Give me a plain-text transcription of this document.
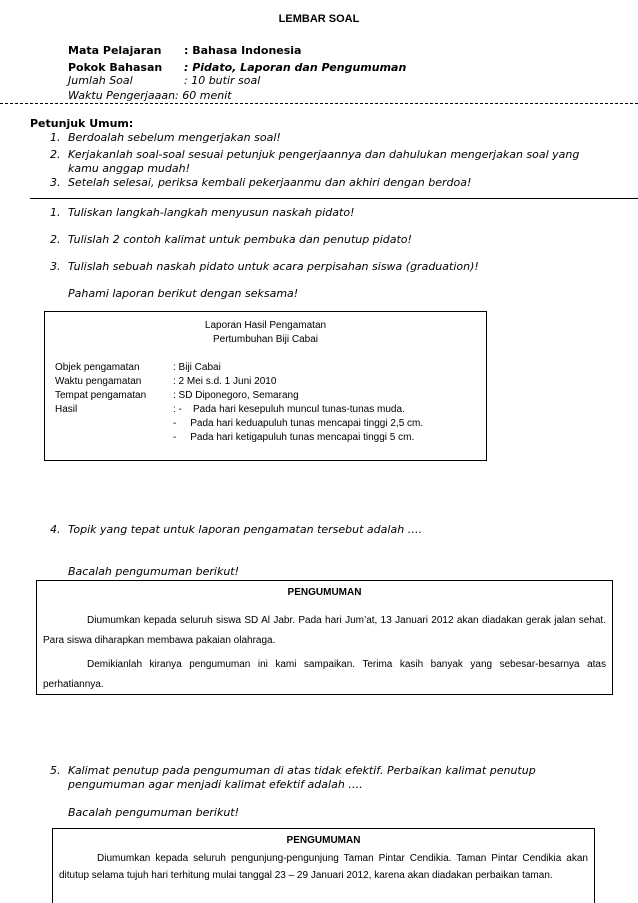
LEMBAR SOAL
Mata Pelajaran : Bahasa Indonesia
Pokok Bahasan : Pidato, Laporan dan Pengumuman
Jumlah Soal	: 10 butir soal
Waktu Pengerjaaan: 60 menit
Petunjuk Umum:
1. Berdoalah sebelum mengerjakan soal!
2. Kerjakanlah soal-soal sesuai petunjuk pengerjaannya dan dahulukan mengerjakan soal yang
kamu anggap mudah!
3. Setelah selesai, periksa kembali pekerjaanmu dan akhiri dengan berdoa!
1. Tuliskan langkah-langkah menyusun naskah pidato!
2. Tulislah 2 contoh kalimat untuk pembuka dan penutup pidato!
3. Tulislah sebuah naskah pidato untuk acara perpisahan siswa (graduation)!
Pahami laporan berikut dengan seksama!
Laporan Hasil Pengamatan
Pertumbuhan Biji Cabai
Objek pengamatan	: Biji Cabai
Waktu pengamatan	: 2 Mei s.d. 1 Juni 2010
Tempat pengamatan	: SD Diponegoro, Semarang
Hasil	: -    Pada hari kesepuluh muncul tunas-tunas muda.
-     Pada hari keduapuluh tunas mencapai tinggi 2,5 cm.
-     Pada hari ketigapuluh tunas mencapai tinggi 5 cm.
4. Topik yang tepat untuk laporan pengamatan tersebut adalah ….
Bacalah pengumuman berikut!
PENGUMUMAN
Diumumkan kepada seluruh siswa SD Al Jabr. Pada hari Jum’at, 13 Januari 2012 akan diadakan gerak jalan sehat. Para siswa diharapkan membawa pakaian olahraga.
Demikianlah kiranya pengumuman ini kami sampaikan. Terima kasih banyak yang sebesar-besarnya atas perhatiannya.
5. Kalimat penutup pada pengumuman di atas tidak efektif. Perbaikan kalimat penutup
pengumuman agar menjadi kalimat efektif adalah ….
Bacalah pengumuman berikut!
PENGUMUMAN
Diumumkan kepada seluruh pengunjung-pengunjung Taman Pintar Cendikia. Taman Pintar Cendikia akan ditutup selama tujuh hari terhitung mulai tanggal 23 – 29 Januari 2012, karena akan diadakan perbaikan taman.
